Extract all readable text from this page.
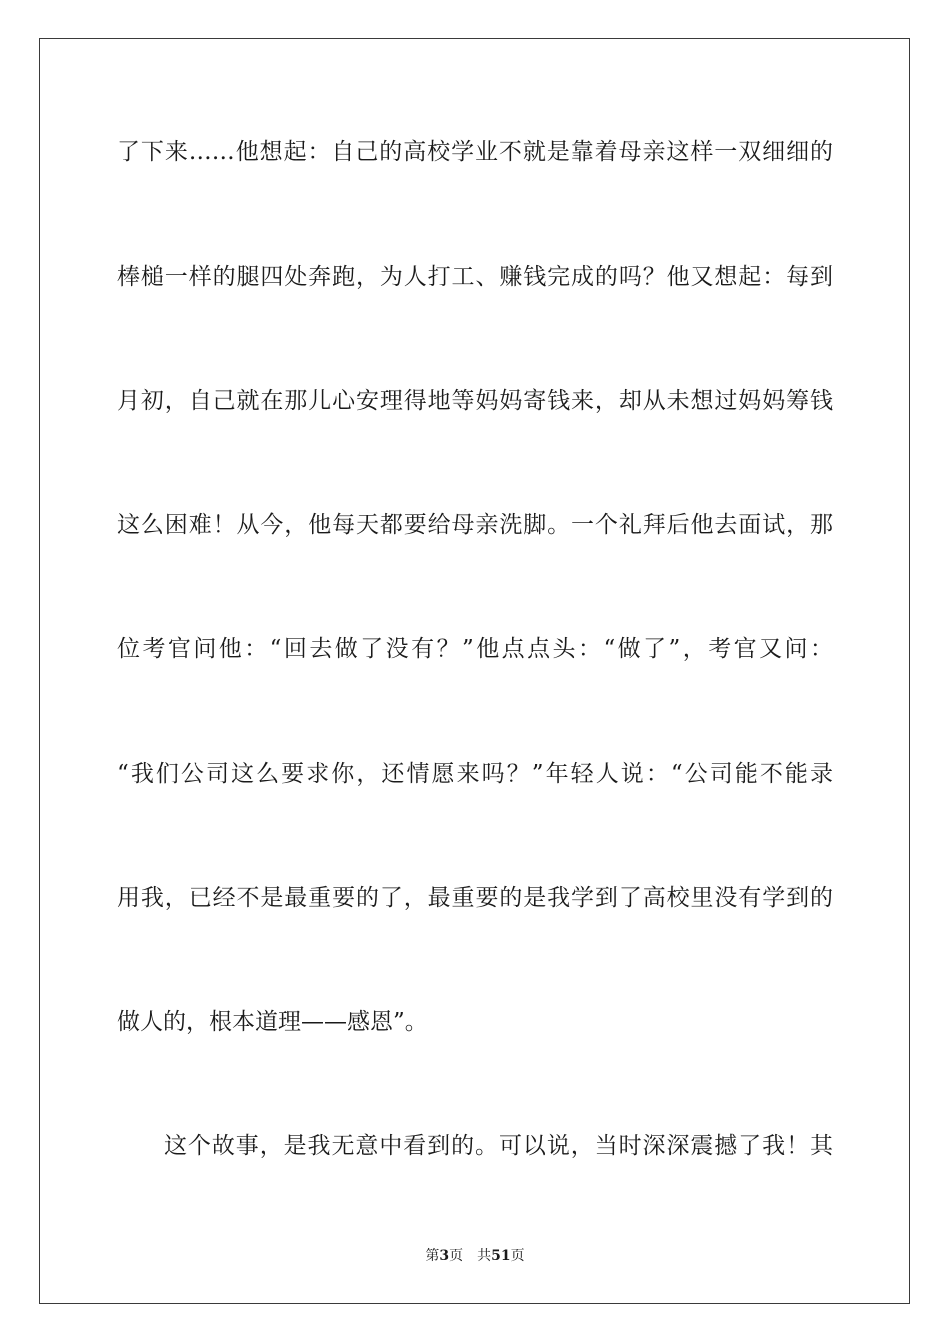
了下来……他想起：自己的高校学业不就是靠着母亲这样一双细细的
棒槌一样的腿四处奔跑，为人打工、赚钱完成的吗？他又想起：每到
月初，自己就在那儿心安理得地等妈妈寄钱来，却从未想过妈妈筹钱
这么困难！从今，他每天都要给母亲洗脚。一个礼拜后他去面试，那
位考官问他：“回去做了没有？”他点点头：“做了”，考官又问：
“我们公司这么要求你，还情愿来吗？”年轻人说：“公司能不能录
用我，已经不是最重要的了，最重要的是我学到了高校里没有学到的
做人的，根本道理——感恩”。
这个故事，是我无意中看到的。可以说，当时深深震撼了我！其
第3页 共51页
